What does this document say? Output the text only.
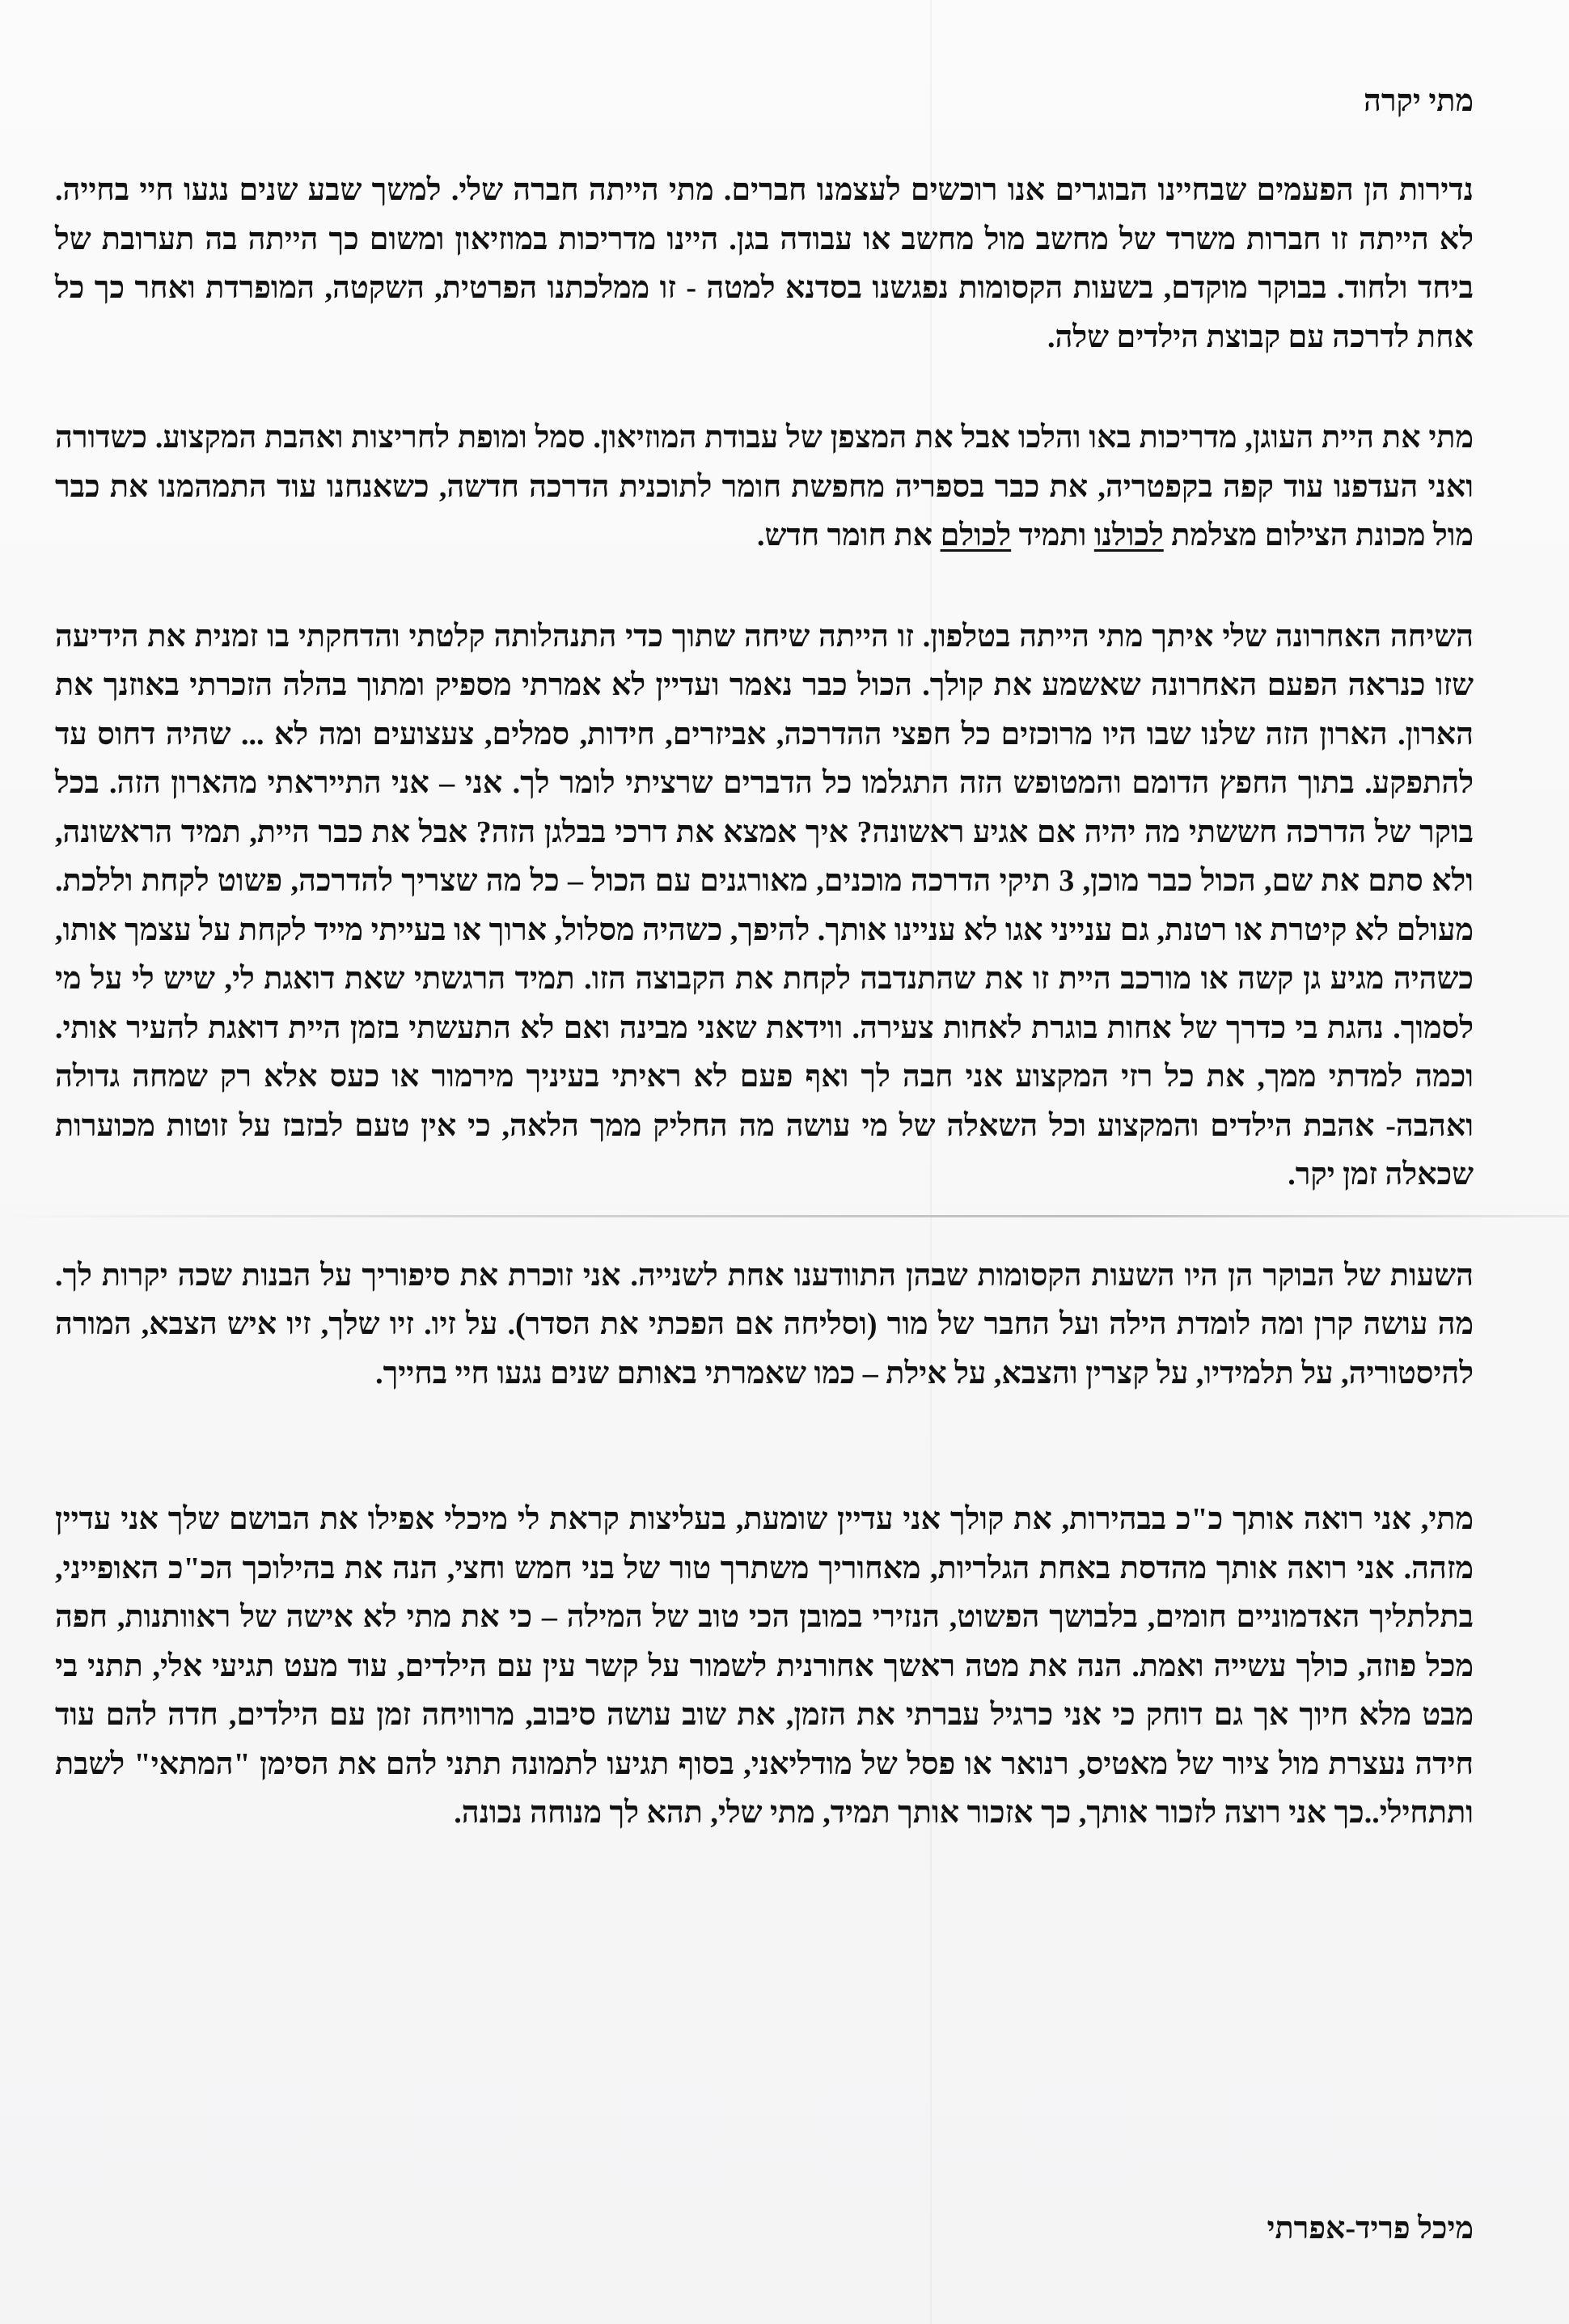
מתי יקרה

נדירות הן הפעמים שבחיינו הבוגרים אנו רוכשים לעצמנו חברים. מתי הייתה חברה שלי. למשך שבע שנים נגעו חיי בחייה. לא הייתה זו חברות משרד של מחשב מול מחשב או עבודה בגן. היינו מדריכות במוזיאון ומשום כך הייתה בה תערובת של ביחד ולחוד. בבוקר מוקדם, בשעות הקסומות נפגשנו בסדנא למטה - זו ממלכתנו הפרטית, השקטה, המופרדת ואחר כך כל אחת לדרכה עם קבוצת הילדים שלה.

מתי את היית העוגן, מדריכות באו והלכו אבל את המצפן של עבודת המוזיאון. סמל ומופת לחריצות ואהבת המקצוע. כשדורה ואני העדפנו עוד קפה בקפטריה, את כבר בספריה מחפשת חומר לתוכנית הדרכה חדשה, כשאנחנו עוד התמהמנו את כבר מול מכונת הצילום מצלמת לכולנו ותמיד לכולם את חומר חדש.

השיחה האחרונה שלי איתך מתי הייתה בטלפון. זו הייתה שיחה שתוך כדי התנהלותה קלטתי והדחקתי בו זמנית את הידיעה שזו כנראה הפעם האחרונה שאשמע את קולך. הכול כבר נאמר ועדיין לא אמרתי מספיק ומתוך בהלה הזכרתי באוזנך את הארון. הארון הזה שלנו שבו היו מרוכזים כל חפצי ההדרכה, אביזרים, חידות, סמלים, צעצועים ומה לא ... שהיה דחוס עד להתפקע. בתוך החפץ הדומם והמטופש הזה התגלמו כל הדברים שרציתי לומר לך. אני – אני התייראתי מהארון הזה. בכל בוקר של הדרכה חששתי מה יהיה אם אגיע ראשונה? איך אמצא את דרכי בבלגן הזה? אבל את כבר היית, תמיד הראשונה, ולא סתם את שם, הכול כבר מוכן, 3 תיקי הדרכה מוכנים, מאורגנים עם הכול – כל מה שצריך להדרכה, פשוט לקחת וללכת. מעולם לא קיטרת או רטנת, גם ענייני אגו לא עניינו אותך. להיפך, כשהיה מסלול, ארוך או בעייתי מייד לקחת על עצמך אותו, כשהיה מגיע גן קשה או מורכב היית זו את שהתנדבה לקחת את הקבוצה הזו. תמיד הרגשתי שאת דואגת לי, שיש לי על מי לסמוך. נהגת בי כדרך של אחות בוגרת לאחות צעירה. ווידאת שאני מבינה ואם לא התעשתי בזמן היית דואגת להעיר אותי. וכמה למדתי ממך, את כל רזי המקצוע אני חבה לך ואף פעם לא ראיתי בעיניך מירמור או כעס אלא רק שמחה גדולה ואהבה- אהבת הילדים והמקצוע וכל השאלה של מי עושה מה החליק ממך הלאה, כי אין טעם לבזבז על זוטות מכוערות שכאלה זמן יקר.

השעות של הבוקר הן היו השעות הקסומות שבהן התוודענו אחת לשנייה. אני זוכרת את סיפוריך על הבנות שכה יקרות לך. מה עושה קרן ומה לומדת הילה ועל החבר של מור (וסליחה אם הפכתי את הסדר). על זיו. זיו שלך, זיו איש הצבא, המורה להיסטוריה, על תלמידיו, על קצרין והצבא, על אילת – כמו שאמרתי באותם שנים נגעו חיי בחייך.

מתי, אני רואה אותך כ"כ בבהירות, את קולך אני עדיין שומעת, בעליצות קראת לי מיכלי אפילו את הבושם שלך אני עדיין מזהה. אני רואה אותך מהדסת באחת הגלריות, מאחוריך משתרך טור של בני חמש וחצי, הנה את בהילוכך הכ"כ האופייני, בתלתליך האדמוניים חומים, בלבושך הפשוט, הנזירי במובן הכי טוב של המילה – כי את מתי לא אישה של ראוותנות, חפה מכל פוזה, כולך עשייה ואמת. הנה את מטה ראשך אחורנית לשמור על קשר עין עם הילדים, עוד מעט תגיעי אלי, תתני בי מבט מלא חיוך אך גם דוחק כי אני כרגיל עברתי את הזמן, את שוב עושה סיבוב, מרוויחה זמן עם הילדים, חדה להם עוד חידה נעצרת מול ציור של מאטיס, רנואר או פסל של מודליאני, בסוף תגיעו לתמונה תתני להם את הסימן "המתאי" לשבת ותתחילי..כך אני רוצה לזכור אותך, כך אזכור אותך תמיד, מתי שלי, תהא לך מנוחה נכונה.

מיכל פריד-אפרתי
